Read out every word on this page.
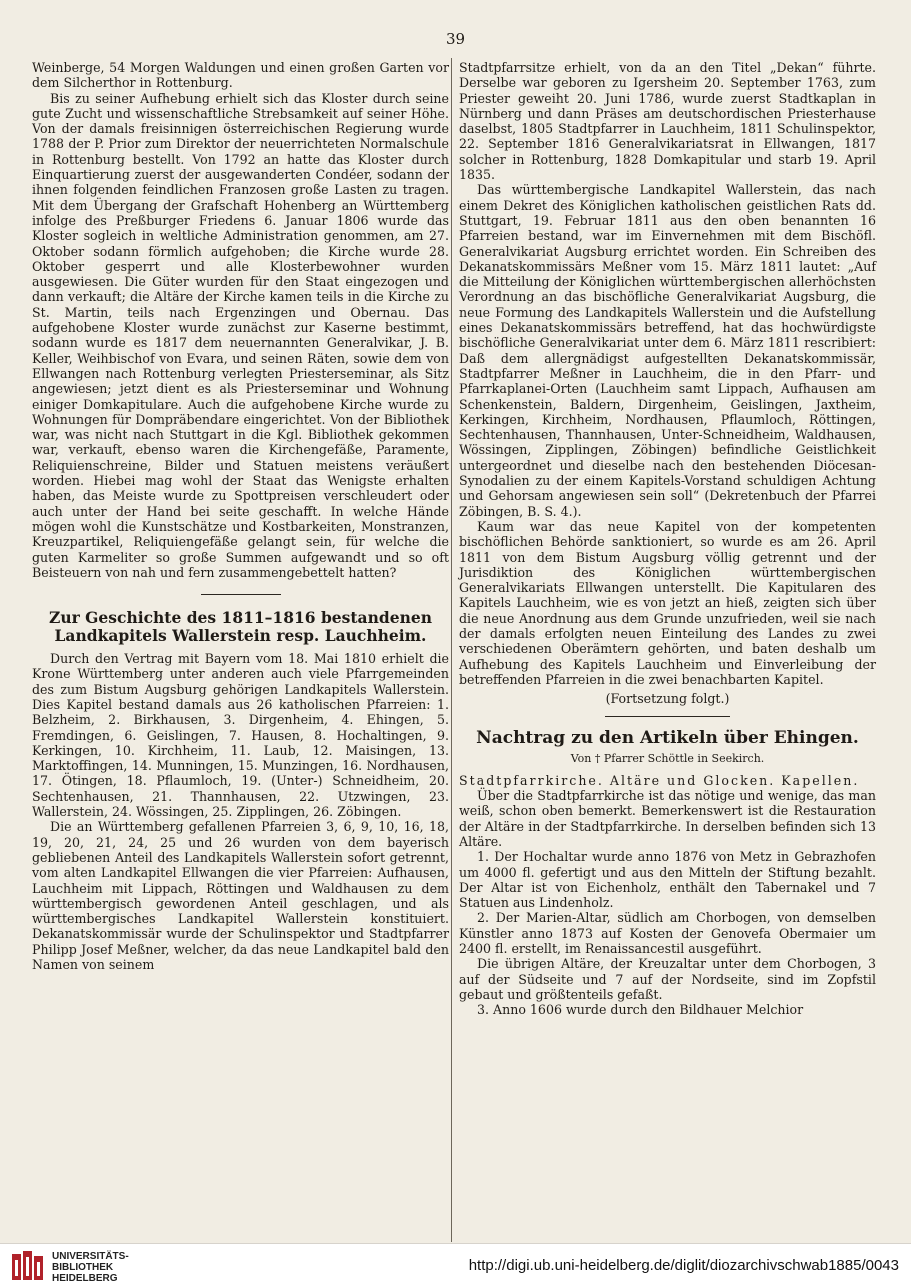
39

Weinberge, 54 Morgen Waldungen und einen großen Garten vor dem Silcherthor in Rottenburg.

Bis zu seiner Aufhebung erhielt sich das Kloster durch seine gute Zucht und wissenschaftliche Strebsamkeit auf seiner Höhe. Von der damals freisinnigen österreichischen Regierung wurde 1788 der P. Prior zum Direktor der neuerrichteten Normalschule in Rottenburg bestellt. Von 1792 an hatte das Kloster durch Einquartierung zuerst der ausgewanderten Condéer, sodann der ihnen folgenden feindlichen Franzosen große Lasten zu tragen. Mit dem Übergang der Grafschaft Hohenberg an Württemberg infolge des Preßburger Friedens 6. Januar 1806 wurde das Kloster sogleich in weltliche Administration genommen, am 27. Oktober sodann förmlich aufgehoben; die Kirche wurde 28. Oktober gesperrt und alle Klosterbewohner wurden ausgewiesen. Die Güter wurden für den Staat eingezogen und dann verkauft; die Altäre der Kirche kamen teils in die Kirche zu St. Martin, teils nach Ergenzingen und Obernau. Das aufgehobene Kloster wurde zunächst zur Kaserne bestimmt, sodann wurde es 1817 dem neuernannten Generalvikar, J. B. Keller, Weihbischof von Evara, und seinen Räten, sowie dem von Ellwangen nach Rottenburg verlegten Priesterseminar, als Sitz angewiesen; jetzt dient es als Priesterseminar und Wohnung einiger Domkapitulare. Auch die aufgehobene Kirche wurde zu Wohnungen für Dompräbendare eingerichtet. Von der Bibliothek war, was nicht nach Stuttgart in die Kgl. Bibliothek gekommen war, verkauft, ebenso waren die Kirchengefäße, Paramente, Reliquienschreine, Bilder und Statuen meistens veräußert worden. Hiebei mag wohl der Staat das Wenigste erhalten haben, das Meiste wurde zu Spottpreisen verschleudert oder auch unter der Hand bei seite geschafft. In welche Hände mögen wohl die Kunstschätze und Kostbarkeiten, Monstranzen, Kreuzpartikel, Reliquiengefäße gelangt sein, für welche die guten Karmeliter so große Summen aufgewandt und so oft Beisteuern von nah und fern zusammengebettelt hatten?

Zur Geschichte des 1811–1816 bestandenen Landkapitels Wallerstein resp. Lauchheim.

Durch den Vertrag mit Bayern vom 18. Mai 1810 erhielt die Krone Württemberg unter anderen auch viele Pfarrgemeinden des zum Bistum Augsburg gehörigen Landkapitels Wallerstein. Dies Kapitel bestand damals aus 26 katholischen Pfarreien: 1. Belzheim, 2. Birkhausen, 3. Dirgenheim, 4. Ehingen, 5. Fremdingen, 6. Geislingen, 7. Hausen, 8. Hochaltingen, 9. Kerkingen, 10. Kirchheim, 11. Laub, 12. Maisingen, 13. Marktoffingen, 14. Munningen, 15. Munzingen, 16. Nordhausen, 17. Ötingen, 18. Pflaumloch, 19. (Unter-) Schneidheim, 20. Sechtenhausen, 21. Thannhausen, 22. Utzwingen, 23. Wallerstein, 24. Wössingen, 25. Zipplingen, 26. Zöbingen.

Die an Württemberg gefallenen Pfarreien 3, 6, 9, 10, 16, 18, 19, 20, 21, 24, 25 und 26 wurden von dem bayerisch gebliebenen Anteil des Landkapitels Wallerstein sofort getrennt, vom alten Landkapitel Ellwangen die vier Pfarreien: Aufhausen, Lauchheim mit Lippach, Röttingen und Waldhausen zu dem württembergisch gewordenen Anteil geschlagen, und als württembergisches Landkapitel Wallerstein konstituiert. Dekanatskommissär wurde der Schulinspektor und Stadtpfarrer Philipp Josef Meßner, welcher, da das neue Landkapitel bald den Namen von seinem

Stadtpfarrsitze erhielt, von da an den Titel „Dekan“ führte. Derselbe war geboren zu Igersheim 20. September 1763, zum Priester geweiht 20. Juni 1786, wurde zuerst Stadtkaplan in Nürnberg und dann Präses am deutschordischen Priesterhause daselbst, 1805 Stadtpfarrer in Lauchheim, 1811 Schulinspektor, 22. September 1816 Generalvikariatsrat in Ellwangen, 1817 solcher in Rottenburg, 1828 Domkapitular und starb 19. April 1835.

Das württembergische Landkapitel Wallerstein, das nach einem Dekret des Königlichen katholischen geistlichen Rats dd. Stuttgart, 19. Februar 1811 aus den oben benannten 16 Pfarreien bestand, war im Einvernehmen mit dem Bischöfl. Generalvikariat Augsburg errichtet worden. Ein Schreiben des Dekanatskommissärs Meßner vom 15. März 1811 lautet: „Auf die Mitteilung der Königlichen württembergischen allerhöchsten Verordnung an das bischöfliche Generalvikariat Augsburg, die neue Formung des Landkapitels Wallerstein und die Aufstellung eines Dekanatskommissärs betreffend, hat das hochwürdigste bischöfliche Generalvikariat unter dem 6. März 1811 rescribiert: Daß dem allergnädigst aufgestellten Dekanatskommissär, Stadtpfarrer Meßner in Lauchheim, die in den Pfarr- und Pfarrkaplanei-Orten (Lauchheim samt Lippach, Aufhausen am Schenkenstein, Baldern, Dirgenheim, Geislingen, Jaxtheim, Kerkingen, Kirchheim, Nordhausen, Pflaumloch, Röttingen, Sechtenhausen, Thannhausen, Unter-Schneidheim, Waldhausen, Wössingen, Zipplingen, Zöbingen) befindliche Geistlichkeit untergeordnet und dieselbe nach den bestehenden Diöcesan-Synodalien zu der einem Kapitels-Vorstand schuldigen Achtung und Gehorsam angewiesen sein soll“ (Dekretenbuch der Pfarrei Zöbingen, B. S. 4.).

Kaum war das neue Kapitel von der kompetenten bischöflichen Behörde sanktioniert, so wurde es am 26. April 1811 von dem Bistum Augsburg völlig getrennt und der Jurisdiktion des Königlichen württembergischen Generalvikariats Ellwangen unterstellt. Die Kapitularen des Kapitels Lauchheim, wie es von jetzt an hieß, zeigten sich über die neue Anordnung aus dem Grunde unzufrieden, weil sie nach der damals erfolgten neuen Einteilung des Landes zu zwei verschiedenen Oberämtern gehörten, und baten deshalb um Aufhebung des Kapitels Lauchheim und Einverleibung der betreffenden Pfarreien in die zwei benachbarten Kapitel.

(Fortsetzung folgt.)
Nachtrag zu den Artikeln über Ehingen.
Von † Pfarrer Schöttle in Seekirch.

Stadtpfarrkirche. Altäre und Glocken. Kapellen.

Über die Stadtpfarrkirche ist das nötige und wenige, das man weiß, schon oben bemerkt. Bemerkenswert ist die Restauration der Altäre in der Stadtpfarrkirche. In derselben befinden sich 13 Altäre.

1. Der Hochaltar wurde anno 1876 von Metz in Gebrazhofen um 4000 fl. gefertigt und aus den Mitteln der Stiftung bezahlt. Der Altar ist von Eichenholz, enthält den Tabernakel und 7 Statuen aus Lindenholz.

2. Der Marien-Altar, südlich am Chorbogen, von demselben Künstler anno 1873 auf Kosten der Genovefa Obermaier um 2400 fl. erstellt, im Renaissancestil ausgeführt.

Die übrigen Altäre, der Kreuzaltar unter dem Chorbogen, 3 auf der Südseite und 7 auf der Nordseite, sind im Zopfstil gebaut und größtenteils gefaßt.

3. Anno 1606 wurde durch den Bildhauer Melchior

UNIVERSITÄTS-
BIBLIOTHEK
HEIDELBERG
http://digi.ub.uni-heidelberg.de/diglit/diozarchivschwab1885/0043
